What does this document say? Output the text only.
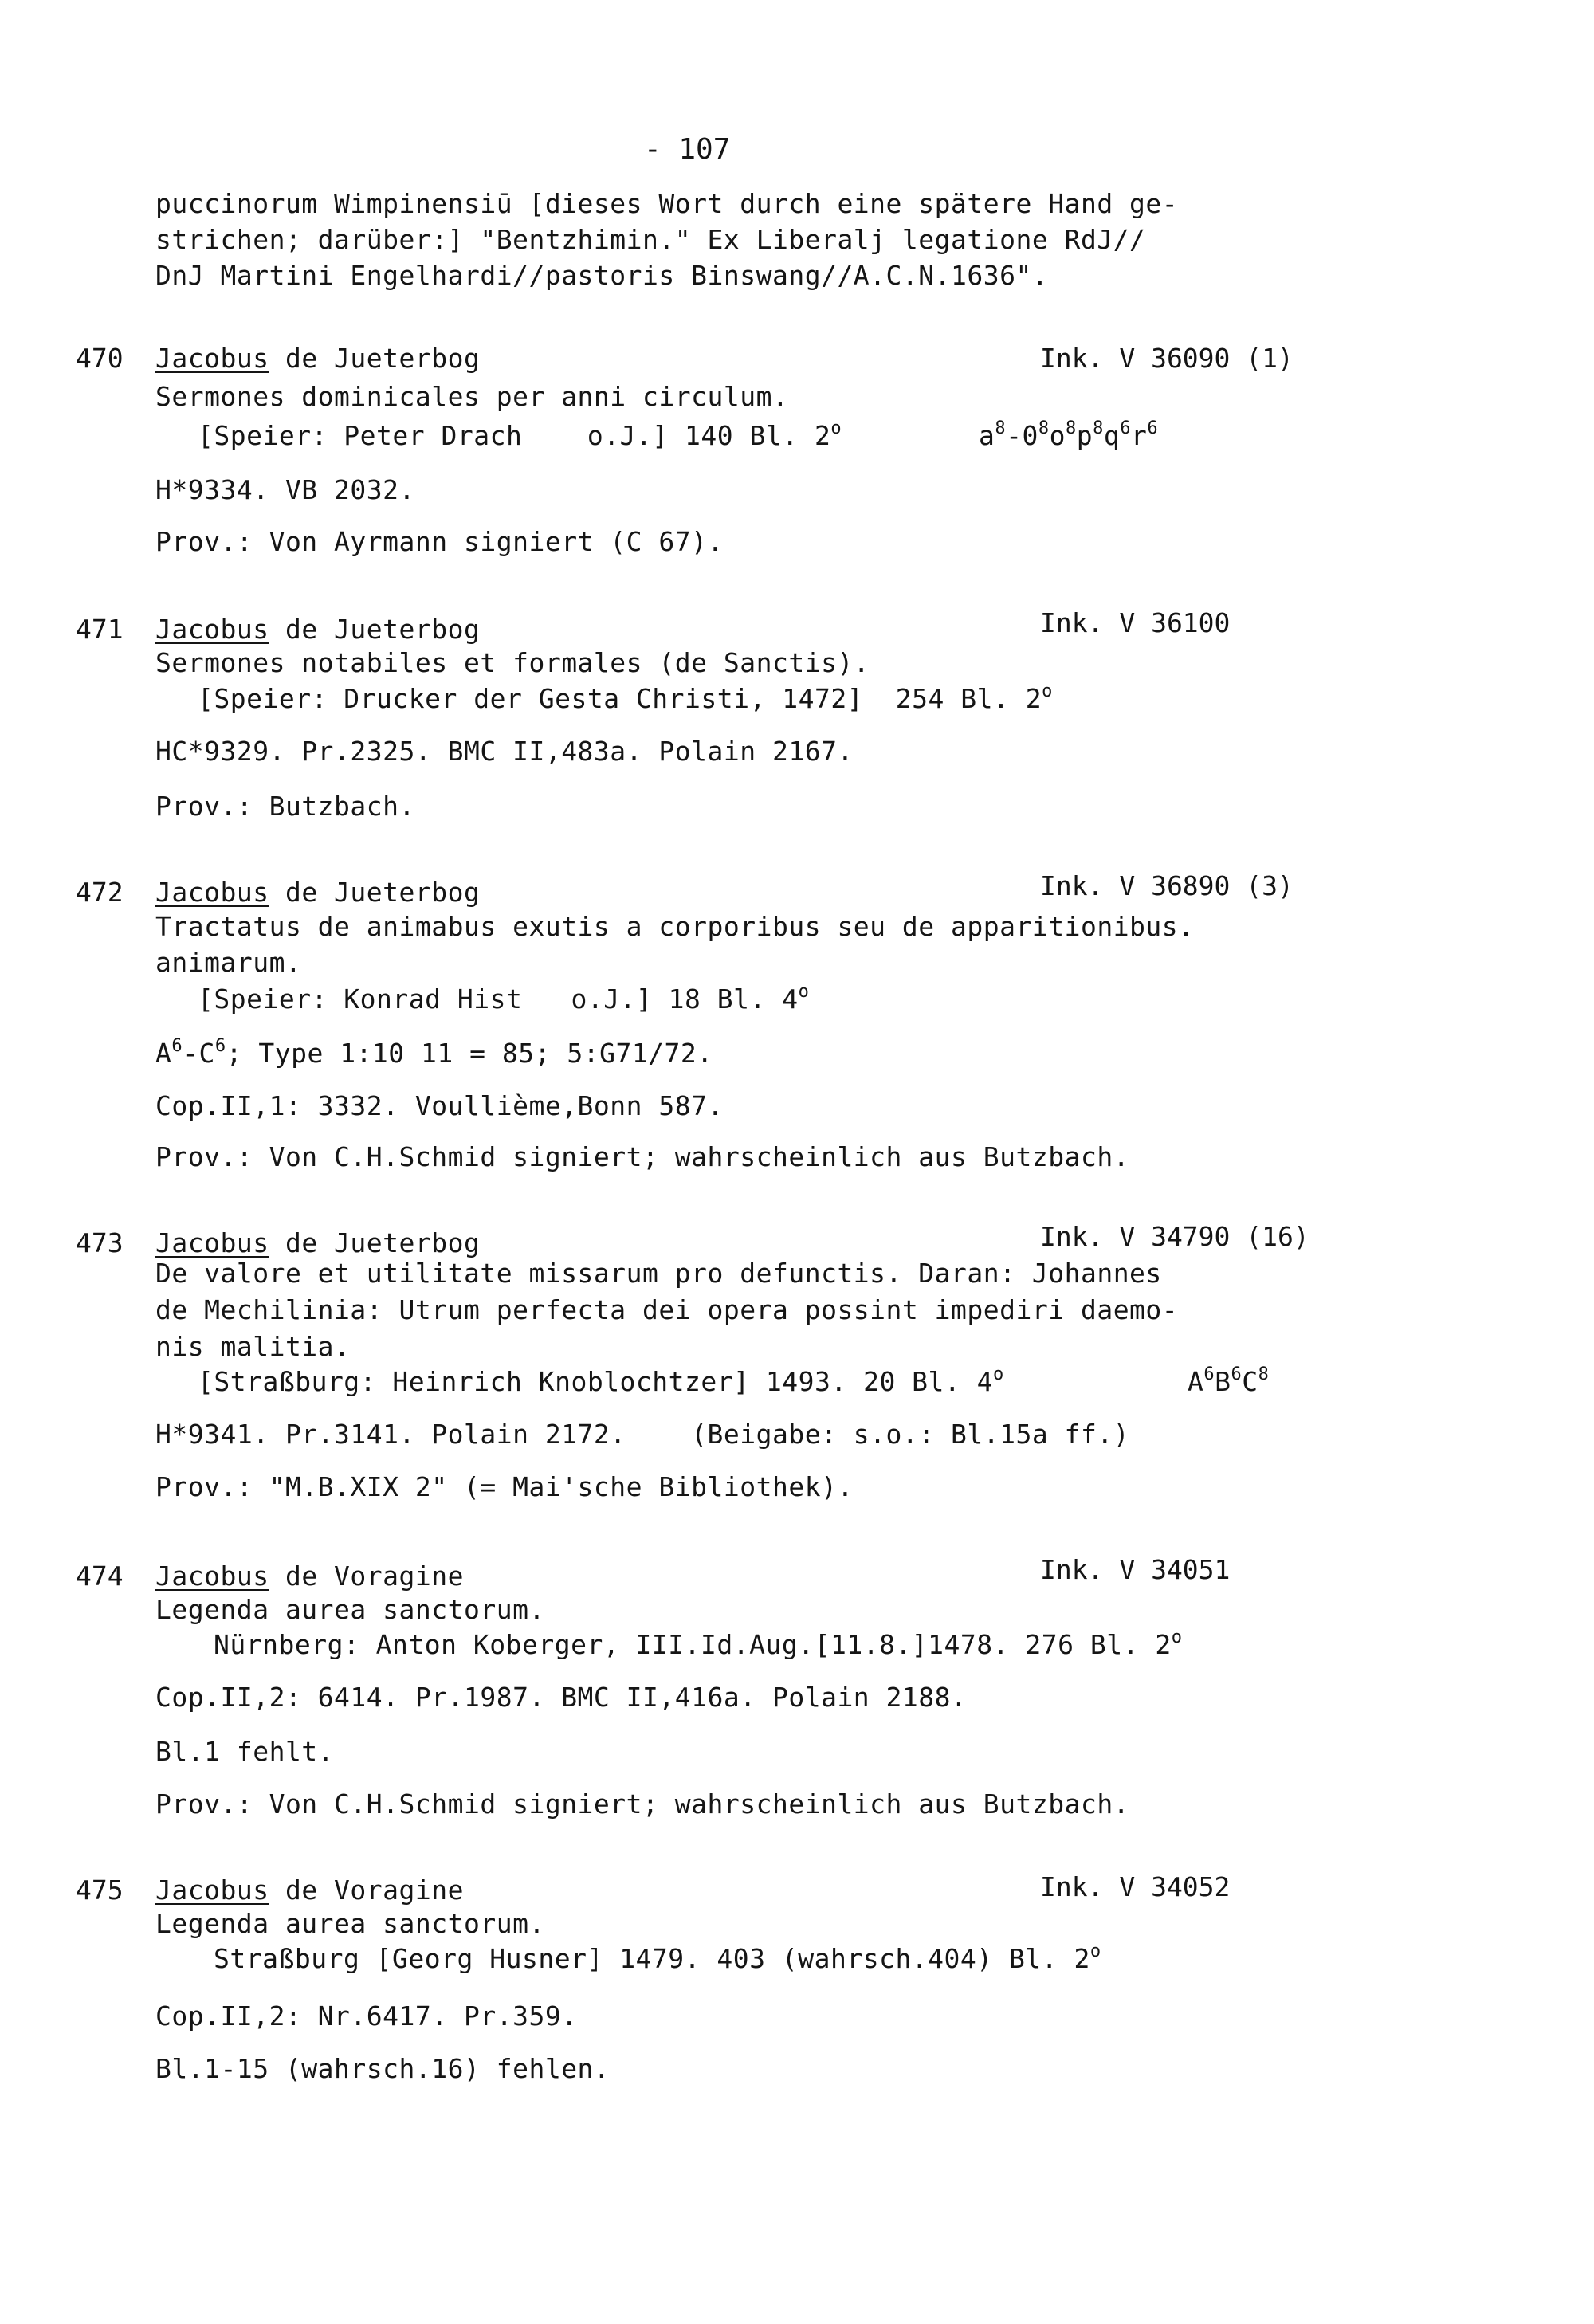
- 107
puccinorum Wimpinensiū [dieses Wort durch eine spätere Hand ge-
strichen; darüber:] "Bentzhimin." Ex Liberalj legatione RdJ//
DnJ Martini Engelhardi//pastoris Binswang//A.C.N.1636".
470 Jacobus de Jueterbog	Ink. V 36090 (1)
Sermones dominicales per anni circulum.
[Speier: Peter Drach    o.J.] 140 Bl. 2$^o$	$a^8-0^8o^8p^8q^6r^6$
H*9334. VB 2032.
Prov.: Von Ayrmann signiert (C 67).
471 Jacobus de Jueterbog	Ink. V 36100
Sermones notabiles et formales (de Sanctis).
[Speier: Drucker der Gesta Christi, 1472]  254 Bl. 2$^o$
HC*9329. Pr.2325. BMC II,483a. Polain 2167.
Prov.: Butzbach.
472 Jacobus de Jueterbog	Ink. V 36890 (3)
Tractatus de animabus exutis a corporibus seu de apparitionibus.
animarum.
[Speier: Konrad Hist   o.J.] 18 Bl. 4$^o$
$A^6-C^6$; Type 1:10 11 = 85; 5:G71/72.
Cop.II,1: 3332. Voullième,Bonn 587.
Prov.: Von C.H.Schmid signiert; wahrscheinlich aus Butzbach.
473 Jacobus de Jueterbog	Ink. V 34790 (16)
De valore et utilitate missarum pro defunctis. Daran: Johannes
de Mechilinia: Utrum perfecta dei opera possint impediri daemo-
nis malitia.
[Straßburg: Heinrich Knoblochtzer] 1493. 20 Bl. 4$^o$	$A^6B^6C^8$
H*9341. Pr.3141. Polain 2172.    (Beigabe: s.o.: Bl.15a ff.)
Prov.: "M.B.XIX 2" (= Mai'sche Bibliothek).
474 Jacobus de Voragine	Ink. V 34051
Legenda aurea sanctorum.
Nürnberg: Anton Koberger, III.Id.Aug.[11.8.]1478. 276 Bl. 2$^o$
Cop.II,2: 6414. Pr.1987. BMC II,416a. Polain 2188.
Bl.1 fehlt.
Prov.: Von C.H.Schmid signiert; wahrscheinlich aus Butzbach.
475 Jacobus de Voragine	Ink. V 34052
Legenda aurea sanctorum.
Straßburg [Georg Husner] 1479. 403 (wahrsch.404) Bl. 2$^o$
Cop.II,2: Nr.6417. Pr.359.
Bl.1-15 (wahrsch.16) fehlen.
